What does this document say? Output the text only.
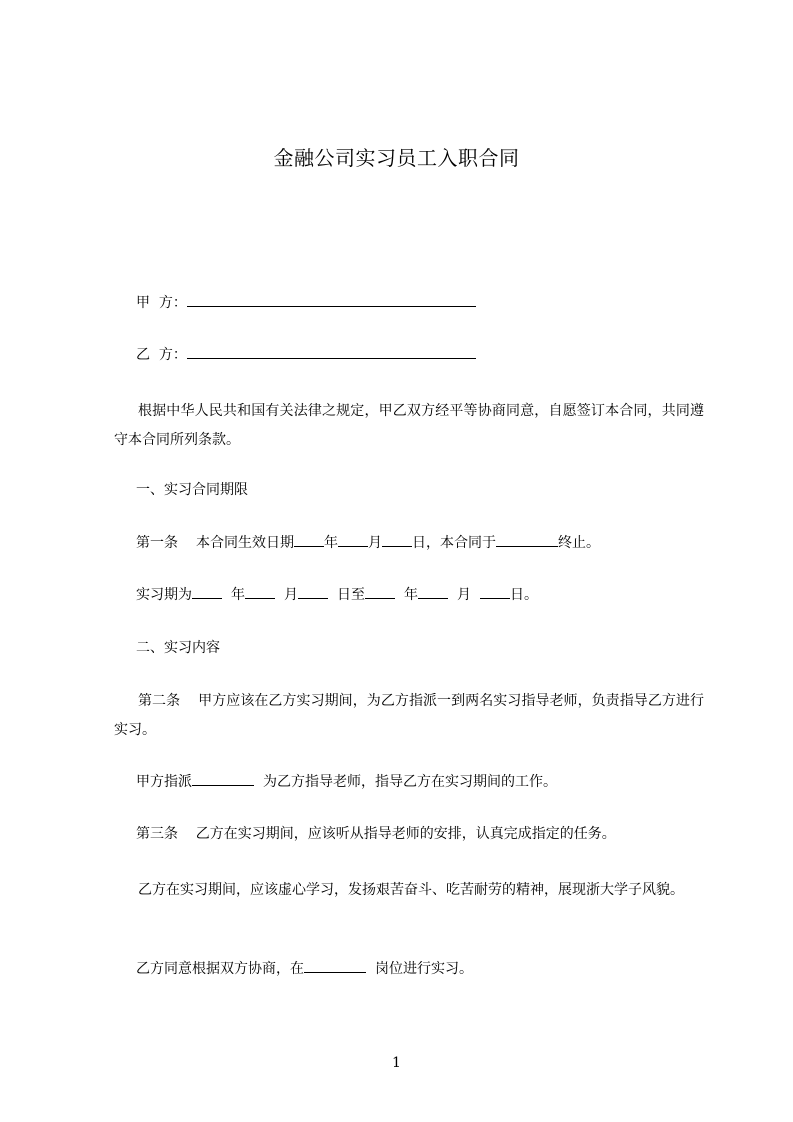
金融公司实习员工入职合同
甲  方：
乙  方：
根据中华人民共和国有关法律之规定，甲乙双方经平等协商同意，自愿签订本合同，共同遵守本合同所列条款。
一、实习合同期限
第一条 本合同生效日期 年 月 日，本合同于	终止。
实习期为	年	月	日至	年	月	日。
二、实习内容
第二条    甲方应该在乙方实习期间，为乙方指派一到两名实习指导老师，负责指导乙方进行实习。
甲方指派	为乙方指导老师，指导乙方在实习期间的工作。
第三条    乙方在实习期间，应该听从指导老师的安排，认真完成指定的任务。
乙方在实习期间，应该虚心学习，发扬艰苦奋斗、吃苦耐劳的精神，展现浙大学子风貌。
乙方同意根据双方协商，在	岗位进行实习。
1
